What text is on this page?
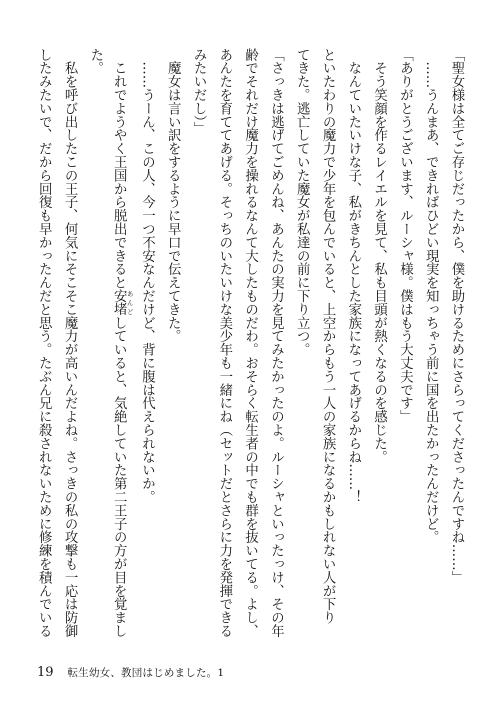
「聖女様は全てご存じだったから、僕を助けるためにさらってくださったんですね……」
　……うんまあ、できればひどい現実を知っちゃう前に国を出たかったんだけど。
「ありがとうございます、ルーシャ様。僕はもう大丈夫です」
　そう笑顔を作るレイエルを見て、私も目頭が熱くなるのを感じた。
　なんていたいけな子、私がきちんとした家族になってあげるからね……！
といたわりの魔力で少年を包んでいると、上空からもう一人の家族になるかもしれない人が下り
てきた。逃亡していた魔女が私達の前に下り立つ。
「さっきは逃げてごめんね、あんたの実力を見てみたかったのよ。ルーシャといったっけ、その年
齢でそれだけ魔力を操れるなんて大したものだわ。おそらく転生者の中でも群を抜いてる。よし、
あんたを育ててあげる。そっちのいたいけな美少年も一緒にね（セットだとさらに力を発揮できる
みたいだし）」
　魔女は言い訳をするように早口で伝えてきた。
　……うーん、この人、今一つ不安なんだけど、背に腹は代えられないか。
　これでようやく王国から脱出できると安堵 あんどしていると、気絶していた第二王子の方が目を覚まし
た。
　私を呼び出したこの王子、何気にそこそこ魔力が高いんだよね。さっきの私の攻撃も一応は防御
したみたいで、だから回復も早かったんだと思う。たぶん兄に殺されないために修練を積んでいる
19 転生幼女、教団はじめました。1
